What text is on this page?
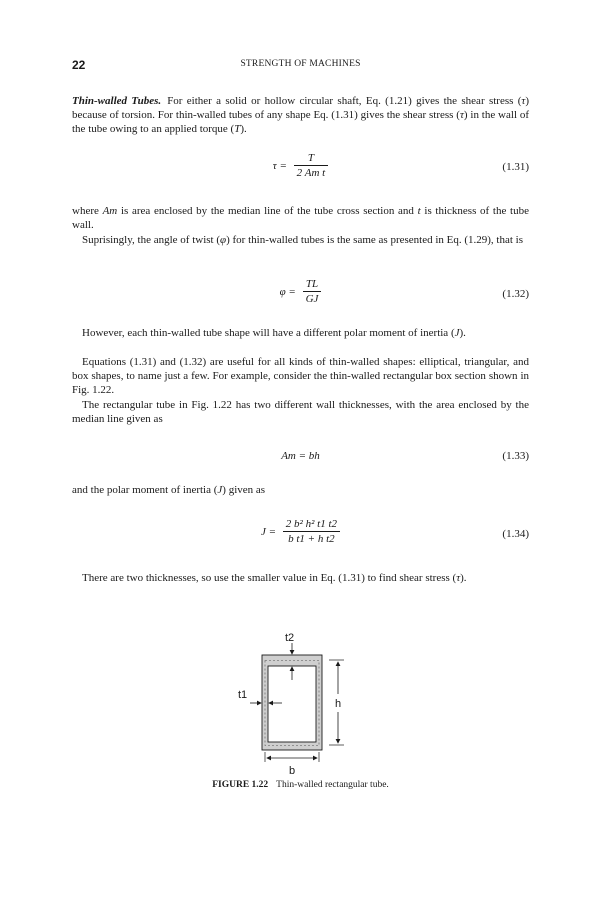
22	STRENGTH OF MACHINES

Thin-walled Tubes. For either a solid or hollow circular shaft, Eq. (1.21) gives the shear stress (τ) because of torsion. For thin-walled tubes of any shape Eq. (1.31) gives the shear stress (τ) in the wall of the tube owing to an applied torque (T).

$\tau = \frac{T}{\text{2 Am t}}$	(1.31)

where Am is area enclosed by the median line of the tube cross section and t is thickness of the tube wall.

Suprisingly, the angle of twist (φ) for thin-walled tubes is the same as presented in Eq. (1.29), that is

$\varphi = \frac{TL}{GJ}$	(1.32)

However, each thin-walled tube shape will have a different polar moment of inertia (J).

Equations (1.31) and (1.32) are useful for all kinds of thin-walled shapes: elliptical, triangular, and box shapes, to name just a few. For example, consider the thin-walled rectangular box section shown in Fig. 1.22.

The rectangular tube in Fig. 1.22 has two different wall thicknesses, with the area enclosed by the median line given as

Am = bh	(1.33)

and the polar moment of inertia (J) given as

$J = \frac{\text{2 b² h² t1 t2}}{\text{b t1 + h t2}}$	(1.34)

There are two thicknesses, so use the smaller value in Eq. (1.31) to find shear stress (τ).

t2
t1
h
b
FIGURE 1.22 Thin-walled rectangular tube.
